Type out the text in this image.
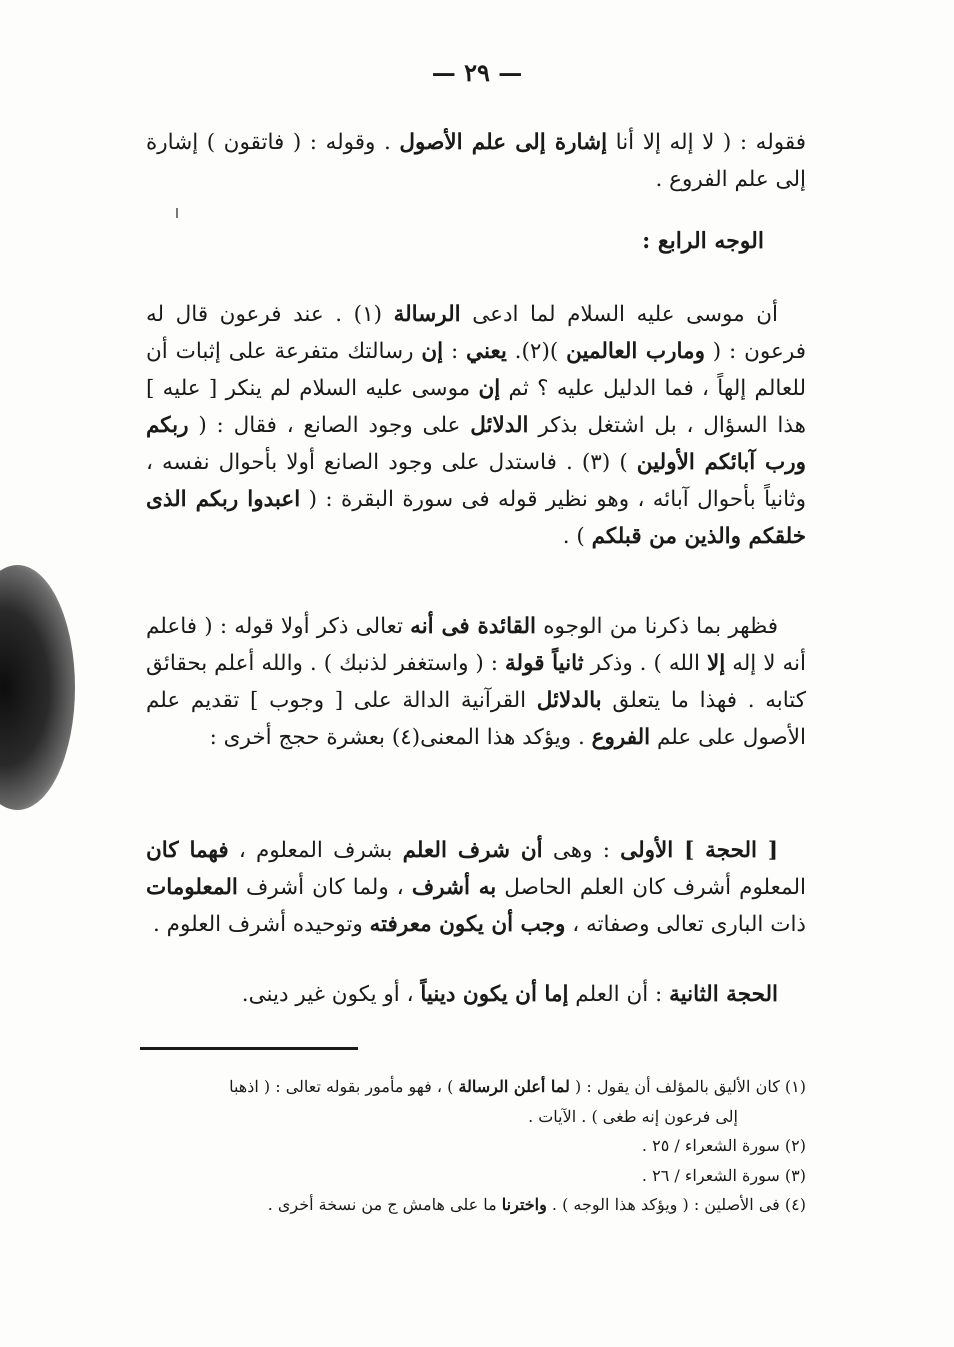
— ٢٩ —

فقوله : ( لا إله إلا أنا إشارة إلى علم الأصول . وقوله : ( فاتقون ) إشارة إلى علم الفروع .

الوجه الرابع :

أن موسى عليه السلام لما ادعى الرسالة (١) . عند فرعون قال له فرعون : ( ومارب العالمين )(٢). يعني : إن رسالتك متفرعة على إثبات أن للعالم إلهاً ، فما الدليل عليه ؟ ثم إن موسى عليه السلام لم ينكر [ عليه ] هذا السؤال ، بل اشتغل بذكر الدلائل على وجود الصانع ، فقال : ( ربكم ورب آبائكم الأولين ) (٣) . فاستدل على وجود الصانع أولا بأحوال نفسه ، وثانياً بأحوال آبائه ، وهو نظير قوله فى سورة البقرة : ( اعبدوا ربكم الذى خلقكم والذين من قبلكم ) .

فظهر بما ذكرنا من الوجوه القائدة فى أنه تعالى ذكر أولا قوله : ( فاعلم أنه لا إله إلا الله ) . وذكر ثانياً قولة : ( واستغفر لذنبك ) . والله أعلم بحقائق كتابه . فهذا ما يتعلق بالدلائل القرآنية الدالة على [ وجوب ] تقديم علم الأصول على علم الفروع . ويؤكد هذا المعنى(٤) بعشرة حجج أخرى :

[ الحجة ] الأولى : وهى أن شرف العلم بشرف المعلوم ، فهما كان المعلوم أشرف كان العلم الحاصل به أشرف ، ولما كان أشرف المعلومات ذات البارى تعالى وصفاته ، وجب أن يكون معرفته وتوحيده أشرف العلوم .

الحجة الثانية : أن العلم إما أن يكون دينياً ، أو يكون غير دينى.

(١) كان الأليق بالمؤلف أن يقول : ( لما أعلن الرسالة ) ، فهو مأمور بقوله تعالى : ( اذهبا

إلى فرعون إنه طغى ) . الآيات .

(٢) سورة الشعراء / ٢٥ .

(٣) سورة الشعراء / ٢٦ .

(٤) فى الأصلين : ( ويؤكد هذا الوجه ) . واخترنا ما على هامش ج من نسخة أخرى .
